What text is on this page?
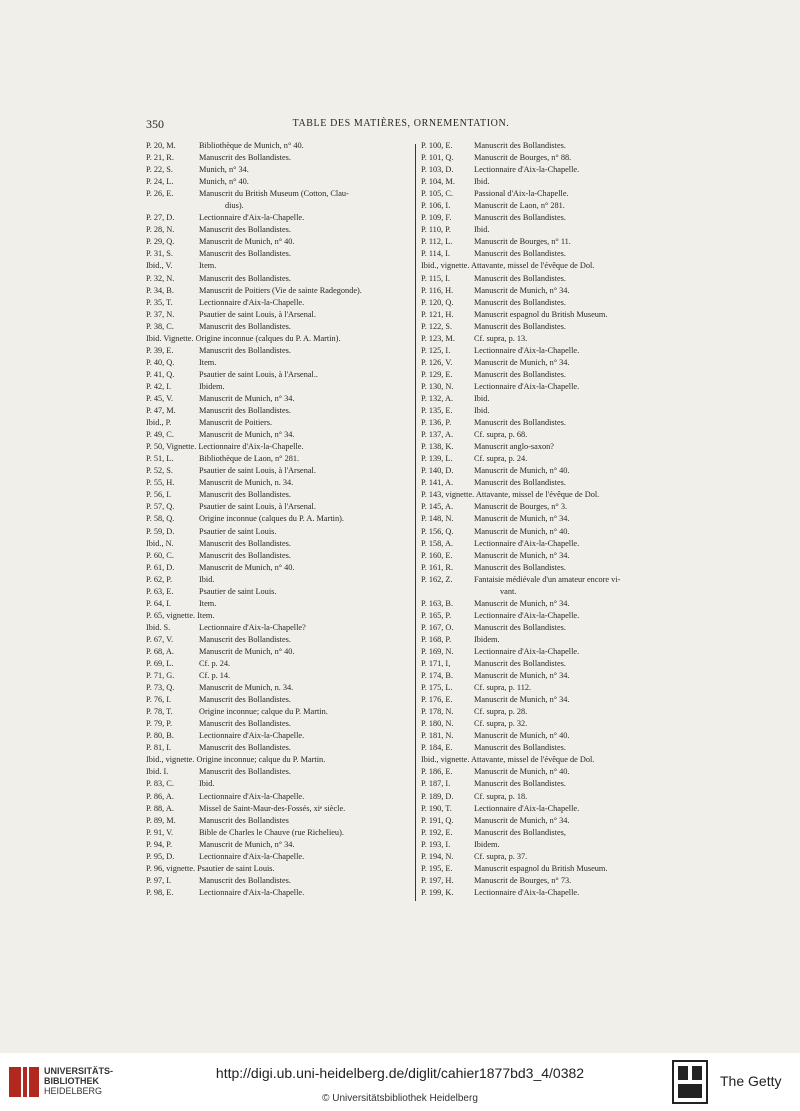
350	TABLE DES MATIÈRES, ORNEMENTATION.
P. 20, M.	Bibliothèque de Munich, n° 40.
P. 21, R.	Manuscrit des Bollandistes.
P. 22, S.	Munich, n° 34.
P. 24, L.	Munich, n° 40.
P. 26, E.	Manuscrit du British Museum (Cotton, Clau-
dius).
P. 27, D.	Lectionnaire d'Aix-la-Chapelle.
P. 28, N.	Manuscrit des Bollandistes.
P. 29, Q.	Manuscrit de Munich, n° 40.
P. 31, S.	Manuscrit des Bollandistes.
Ibid., V.	Item.
P. 32, N.	Manuscrit des Bollandistes.
P. 34, B.	Manuscrit de Poitiers (Vie de sainte Radegonde).
P. 35, T.	Lectionnaire d'Aix-la-Chapelle.
P. 37, N.	Psautier de saint Louis, à l'Arsenal.
P. 38, C.	Manuscrit des Bollandistes.
Ibid. Vignette. Origine inconnue (calques du P. A. Martin).
P. 39, E.	Manuscrit des Bollandistes.
P. 40, Q.	Item.
P. 41, Q.	Psautier de saint Louis, à l'Arsenal..
P. 42, I.	Ibidem.
P. 45, V.	Manuscrit de Munich, n° 34.
P. 47, M.	Manuscrit des Bollandistes.
Ibid., P.	Manuscrit de Poitiers.
P. 49, C.	Manuscrit de Munich, n° 34.
P. 50, Vignette. Lectionnaire d'Aix-la-Chapelle.
P. 51, L.	Bibliothèque de Laon, n° 281.
P. 52, S.	Psautier de saint Louis, à l'Arsenal.
P. 55, H.	Manuscrit de Munich, n. 34.
P. 56, I.	Manuscrit des Bollandistes.
P. 57, Q.	Psautier de saint Louis, à l'Arsenal.
P. 58, Q.	Origine inconnue (calques du P. A. Martin).
P. 59, D.	Psautier de saint Louis.
Ibid., N.	Manuscrit des Bollandistes.
P. 60, C.	Manuscrit des Bollandistes.
P. 61, D.	Manuscrit de Munich, n° 40.
P. 62, P.	Ibid.
P. 63, E.	Psautier de saint Louis.
P. 64, I.	Item.
P. 65, vignette. Item.
Ibid. S.	Lectionnaire d'Aix-la-Chapelle?
P. 67, V.	Manuscrit des Bollandistes.
P. 68, A.	Manuscrit de Munich, n° 40.
P. 69, L.	Cf. p. 24.
P. 71, G.	Cf. p. 14.
P. 73, Q.	Manuscrit de Munich, n. 34.
P. 76, I.	Manuscrit des Bollandistes.
P. 78, T.	Origine inconnue; calque du P. Martin.
P. 79, P.	Manuscrit des Bollandistes.
P. 80, B.	Lectionnaire d'Aix-la-Chapelle.
P. 81, I.	Manuscrit des Bollandistes.
Ibid., vignette. Origine inconnue; calque du P. Martin.
Ibid. I.	Manuscrit des Bollandistes.
P. 83, C.	Ibid.
P. 86, A.	Lectionnaire d'Aix-la-Chapelle.
P. 88, A.	Missel de Saint-Maur-des-Fossés, xiᵉ siècle.
P. 89, M.	Manuscrit des Bollandistes
P. 91, V.	Bible de Charles le Chauve (rue Richelieu).
P. 94, P.	Manuscrit de Munich, n° 34.
P. 95, D.	Lectionnaire d'Aix-la-Chapelle.
P. 96, vignette. Psautier de saint Louis.
P. 97, I.	Manuscrit des Bollandistes.
P. 98, E.	Lectionnaire d'Aix-la-Chapelle.
P. 100, E.	Manuscrit des Bollandistes.
P. 101, Q.	Manuscrit de Bourges, n° 88.
P. 103, D.	Lectionnaire d'Aix-la-Chapelle.
P. 104, M.	Ibid.
P. 105, C.	Passional d'Aix-la-Chapelle.
P. 106, I.	Manuscrit de Laon, n° 281.
P. 109, F.	Manuscrit des Bollandistes.
P. 110, P.	Ibid.
P. 112, L.	Manuscrit de Bourges, n° 11.
P. 114, I.	Manuscrit des Bollandistes.
Ibid., vignette. Attavante, missel de l'évêque de Dol.
P. 115, I.	Manuscrit des Bollandistes.
P. 116, H.	Manuscrit de Munich, n° 34.
P. 120, Q.	Manuscrit des Bollandistes.
P. 121, H.	Manuscrit espagnol du British Museum.
P. 122, S.	Manuscrit des Bollandistes.
P. 123, M.	Cf. supra, p. 13.
P. 125, I.	Lectionnaire d'Aix-la-Chapelle.
P. 126, V.	Manuscrit de Munich, n° 34.
P. 129, E.	Manuscrit des Bollandistes.
P. 130, N.	Lectionnaire d'Aix-la-Chapelle.
P. 132, A.	Ibid.
P. 135, E.	Ibid.
P. 136, P.	Manuscrit des Bollandistes.
P. 137, A.	Cf. supra, p. 68.
P. 138, K.	Manuscrit anglo-saxon?
P. 139, L.	Cf. supra, p. 24.
P. 140, D.	Manuscrit de Munich, n° 40.
P. 141, A.	Manuscrit des Bollandistes.
P. 143, vignette. Attavante, missel de l'évêque de Dol.
P. 145, A.	Manuscrit de Bourges, n° 3.
P. 148, N.	Manuscrit de Munich, n° 34.
P. 156, Q.	Manuscrit de Munich, n° 40.
P. 158, A.	Lectionnaire d'Aix-la-Chapelle.
P. 160, E.	Manuscrit de Munich, n° 34.
P. 161, R.	Manuscrit des Bollandistes.
P. 162, Z.	Fantaisie médiévale d'un amateur encore vi-
vant.
P. 163, B.	Manuscrit de Munich, n° 34.
P. 165, P.	Lectionnaire d'Aix-la-Chapelle.
P. 167, O.	Manuscrit des Bollandistes.
P. 168, P.	Ibidem.
P. 169, N.	Lectionnaire d'Aix-la-Chapelle.
P. 171, I,	Manuscrit des Bollandistes.
P. 174, B.	Manuscrit de Munich, n° 34.
P. 175, L.	Cf. supra, p. 112.
P. 176, E.	Manuscrit de Munich, n° 34.
P. 178, N.	Cf. supra, p. 28.
P. 180, N.	Cf. supra, p. 32.
P. 181, N.	Manuscrit de Munich, n° 40.
P. 184, E.	Manuscrit des Bollandistes.
Ibid., vignette. Attavante, missel de l'évêque de Dol.
P. 186, E.	Manuscrit de Munich, n° 40.
P. 187, I.	Manuscrit des Bollandistes.
P. 189, D.	Cf. supra, p. 18.
P. 190, T.	Lectionnaire d'Aix-la-Chapelle.
P. 191, Q.	Manuscrit de Munich, n° 34.
P. 192, E.	Manuscrit des Bollandistes,
P. 193, I.	Ibidem.
P. 194, N.	Cf. supra, p. 37.
P. 195, E.	Manuscrit espagnol du British Museum.
P. 197, H.	Manuscrit de Bourges, n° 73.
P. 199, K.	Lectionnaire d'Aix-la-Chapelle.
UNIVERSITÄTS-
BIBLIOTHEK
HEIDELBERG
http://digi.ub.uni-heidelberg.de/diglit/cahier1877bd3_4/0382
© Universitätsbibliothek Heidelberg
The Getty
